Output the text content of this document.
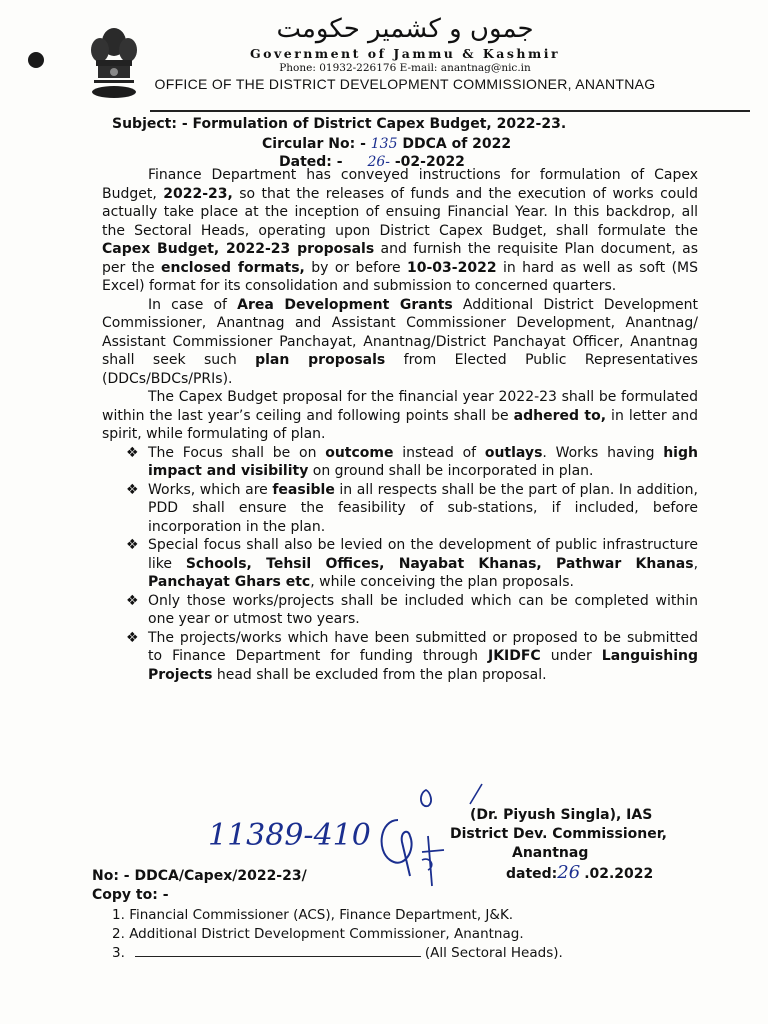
جموں و کشمیر حکومت
Government of Jammu & Kashmir
Phone: 01932-226176 E-mail: anantnag@nic.in
OFFICE OF THE DISTRICT DEVELOPMENT COMMISSIONER, ANANTNAG
Subject: - Formulation of District Capex Budget, 2022-23.
Circular No: - 135 DDCA of 2022
Dated: - 26- -02-2022

Finance Department has conveyed instructions for formulation of Capex Budget, 2022-23, so that the releases of funds and the execution of works could actually take place at the inception of ensuing Financial Year. In this backdrop, all the Sectoral Heads, operating upon District Capex Budget, shall formulate the Capex Budget, 2022-23 proposals and furnish the requisite Plan document, as per the enclosed formats, by or before 10-03-2022 in hard as well as soft (MS Excel) format for its consolidation and submission to concerned quarters.

In case of Area Development Grants Additional District Development Commissioner, Anantnag and Assistant Commissioner Development, Anantnag/ Assistant Commissioner Panchayat, Anantnag/District Panchayat Officer, Anantnag shall seek such plan proposals from Elected Public Representatives (DDCs/BDCs/PRIs).

The Capex Budget proposal for the financial year 2022-23 shall be formulated within the last year’s ceiling and following points shall be adhered to, in letter and spirit, while formulating of plan.

❖ The Focus shall be on outcome instead of outlays. Works having high impact and visibility on ground shall be incorporated in plan.
❖ Works, which are feasible in all respects shall be the part of plan. In addition, PDD shall ensure the feasibility of sub-stations, if included, before incorporation in the plan.
❖ Special focus shall also be levied on the development of public infrastructure like Schools, Tehsil Offices, Nayabat Khanas, Pathwar Khanas, Panchayat Ghars etc, while conceiving the plan proposals.
❖ Only those works/projects shall be included which can be completed within one year or utmost two years.
❖ The projects/works which have been submitted or proposed to be submitted to Finance Department for funding through JKIDFC under Languishing Projects head shall be excluded from the plan proposal.
11389-410
(Dr. Piyush Singla), IAS
District Dev. Commissioner,
Anantnag
dated:26 .02.2022
No: - DDCA/Capex/2022-23/
Copy to: -
1. Financial Commissioner (ACS), Finance Department, J&K.
2. Additional District Development Commissioner, Anantnag.
3.	(All Sectoral Heads).
